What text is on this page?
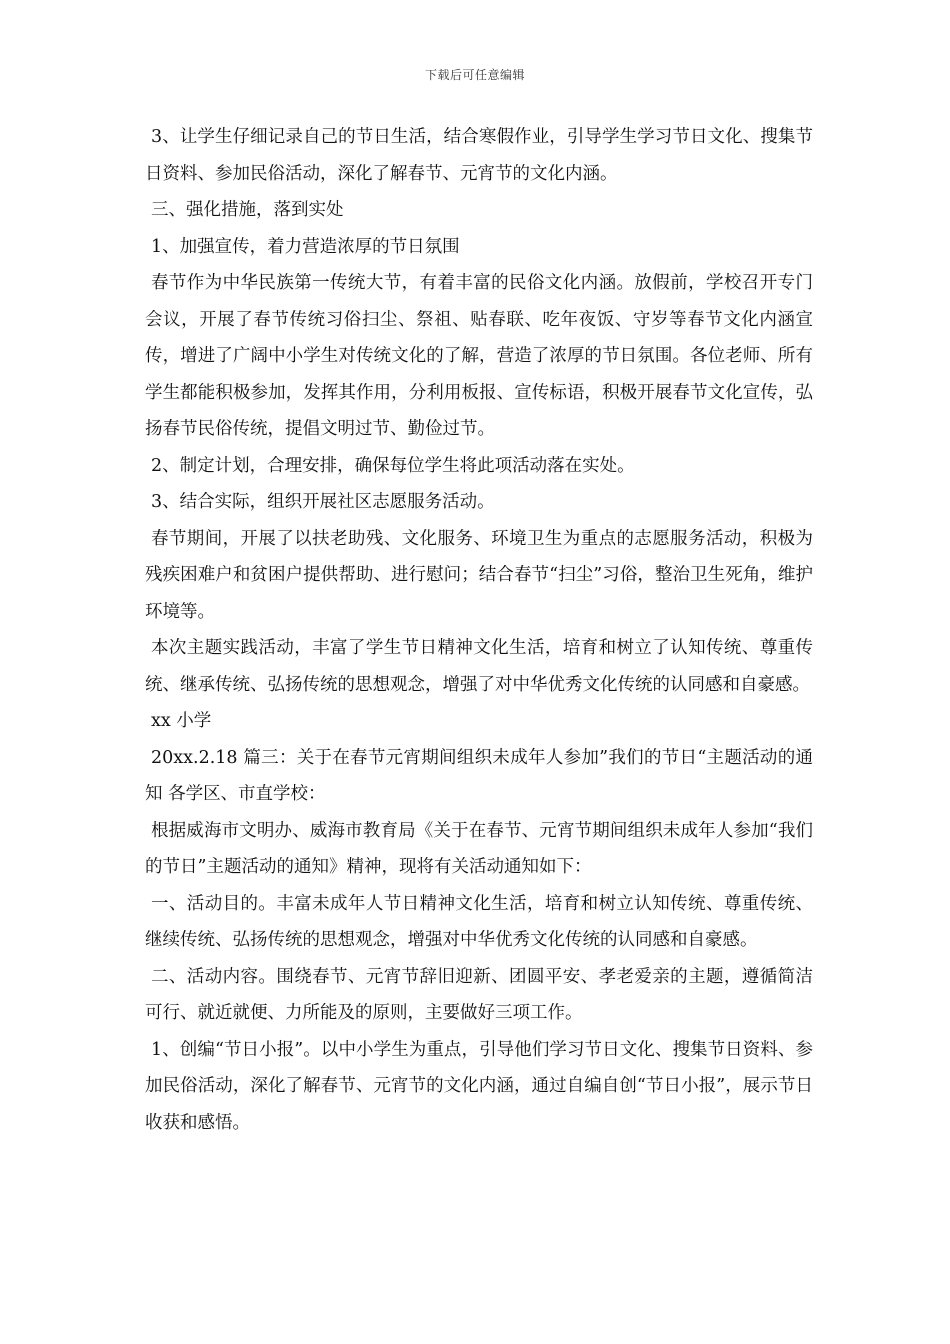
下载后可任意编辑

3、让学生仔细记录自己的节日生活，结合寒假作业，引导学生学习节日文化、搜集节日资料、参加民俗活动，深化了解春节、元宵节的文化内涵。

三、强化措施，落到实处

1、加强宣传，着力营造浓厚的节日氛围

春节作为中华民族第一传统大节，有着丰富的民俗文化内涵。放假前，学校召开专门会议，开展了春节传统习俗扫尘、祭祖、贴春联、吃年夜饭、守岁等春节文化内涵宣传，增进了广阔中小学生对传统文化的了解，营造了浓厚的节日氛围。各位老师、所有学生都能积极参加，发挥其作用，分利用板报、宣传标语，积极开展春节文化宣传，弘扬春节民俗传统，提倡文明过节、勤俭过节。

2、制定计划，合理安排，确保每位学生将此项活动落在实处。

3、结合实际，组织开展社区志愿服务活动。

春节期间，开展了以扶老助残、文化服务、环境卫生为重点的志愿服务活动，积极为残疾困难户和贫困户提供帮助、进行慰问；结合春节“扫尘”习俗，整治卫生死角，维护环境等。

本次主题实践活动，丰富了学生节日精神文化生活，培育和树立了认知传统、尊重传统、继承传统、弘扬传统的思想观念，增强了对中华优秀文化传统的认同感和自豪感。

xx 小学

20xx.2.18 篇三：关于在春节元宵期间组织未成年人参加”我们的节日“主题活动的通知 各学区、市直学校：

根据威海市文明办、威海市教育局《关于在春节、元宵节期间组织未成年人参加“我们的节日”主题活动的通知》精神，现将有关活动通知如下：

一、活动目的。丰富未成年人节日精神文化生活，培育和树立认知传统、尊重传统、继续传统、弘扬传统的思想观念，增强对中华优秀文化传统的认同感和自豪感。

二、活动内容。围绕春节、元宵节辞旧迎新、团圆平安、孝老爱亲的主题，遵循简洁可行、就近就便、力所能及的原则，主要做好三项工作。

1、创编“节日小报”。以中小学生为重点，引导他们学习节日文化、搜集节日资料、参加民俗活动，深化了解春节、元宵节的文化内涵，通过自编自创“节日小报”，展示节日收获和感悟。
